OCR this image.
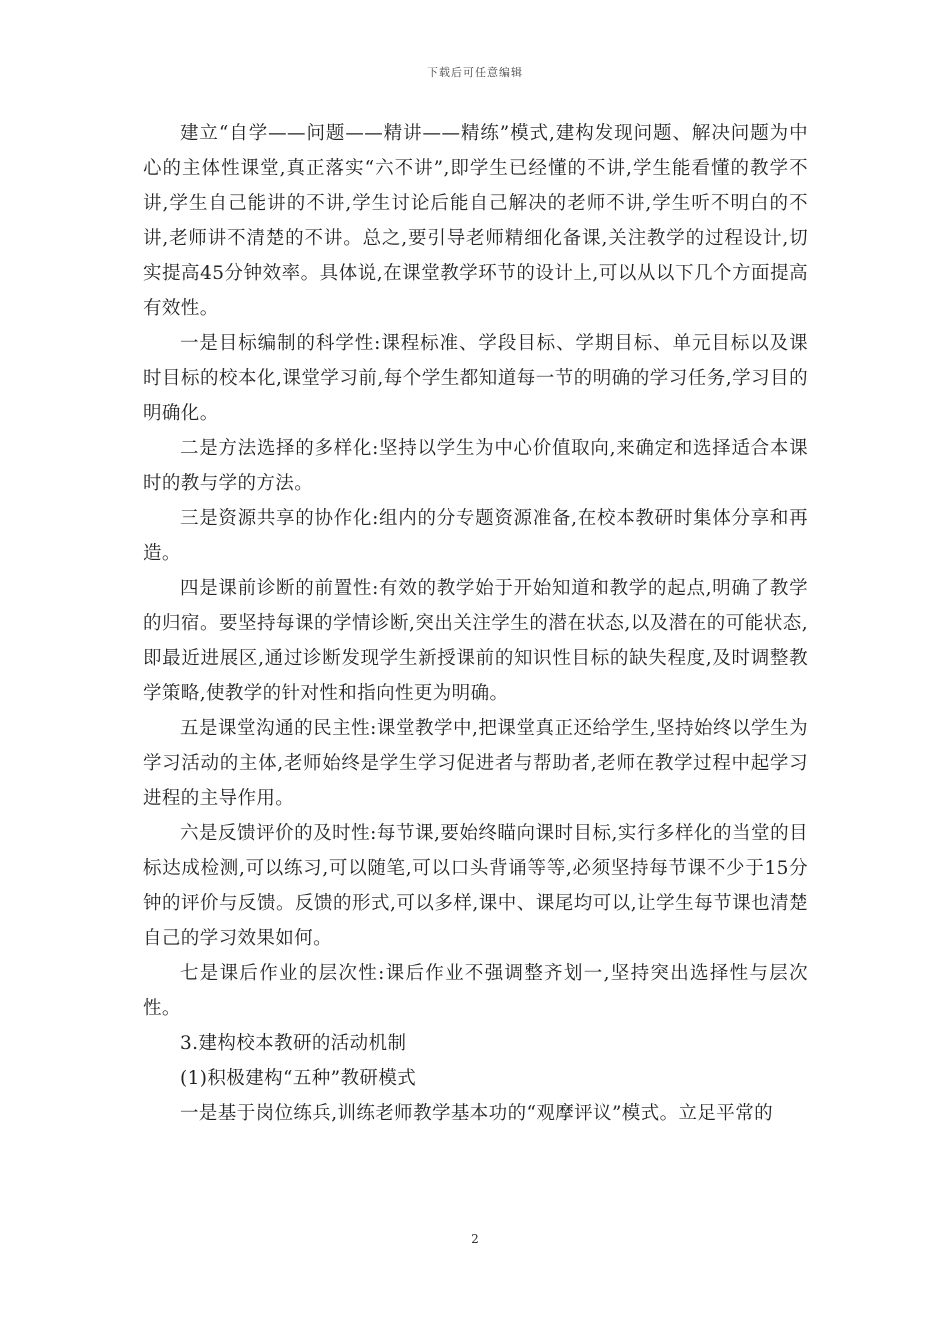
下载后可任意编辑

建立“自学——问题——精讲——精练”模式,建构发现问题、解决问题为中心的主体性课堂,真正落实“六不讲”,即学生已经懂的不讲,学生能看懂的教学不讲,学生自己能讲的不讲,学生讨论后能自己解决的老师不讲,学生听不明白的不讲,老师讲不清楚的不讲。总之,要引导老师精细化备课,关注教学的过程设计,切实提高45分钟效率。具体说,在课堂教学环节的设计上,可以从以下几个方面提高有效性。

一是目标编制的科学性:课程标准、学段目标、学期目标、单元目标以及课时目标的校本化,课堂学习前,每个学生都知道每一节的明确的学习任务,学习目的明确化。

二是方法选择的多样化:坚持以学生为中心价值取向,来确定和选择适合本课时的教与学的方法。

三是资源共享的协作化:组内的分专题资源准备,在校本教研时集体分享和再造。

四是课前诊断的前置性:有效的教学始于开始知道和教学的起点,明确了教学的归宿。要坚持每课的学情诊断,突出关注学生的潜在状态,以及潜在的可能状态,即最近进展区,通过诊断发现学生新授课前的知识性目标的缺失程度,及时调整教学策略,使教学的针对性和指向性更为明确。

五是课堂沟通的民主性:课堂教学中,把课堂真正还给学生,坚持始终以学生为学习活动的主体,老师始终是学生学习促进者与帮助者,老师在教学过程中起学习进程的主导作用。

六是反馈评价的及时性:每节课,要始终瞄向课时目标,实行多样化的当堂的目标达成检测,可以练习,可以随笔,可以口头背诵等等,必须坚持每节课不少于15分钟的评价与反馈。反馈的形式,可以多样,课中、课尾均可以,让学生每节课也清楚自己的学习效果如何。

七是课后作业的层次性:课后作业不强调整齐划一,坚持突出选择性与层次性。

3.建构校本教研的活动机制

(1)积极建构“五种”教研模式

一是基于岗位练兵,训练老师教学基本功的“观摩评议”模式。立足平常的

2
